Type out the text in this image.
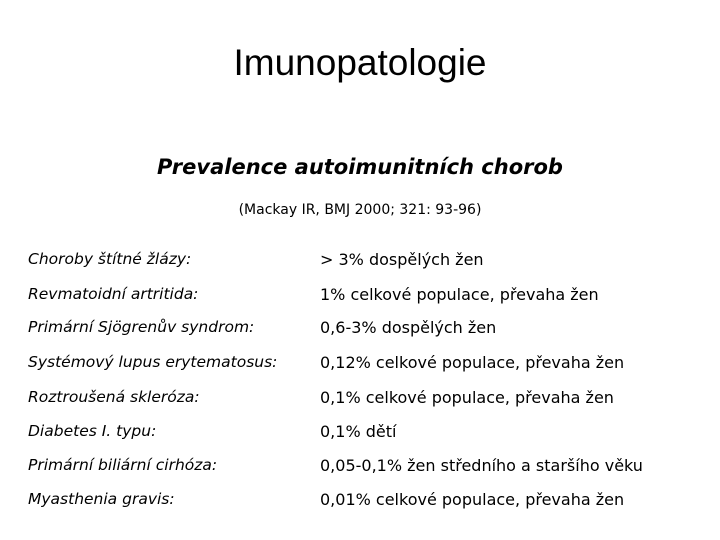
Imunopatologie
Prevalence autoimunitních chorob
(Mackay IR, BMJ 2000; 321: 93-96)
Choroby štítné žlázy:	> 3% dospělých žen
Revmatoidní artritida:	1% celkové populace, převaha žen
Primární Sjögrenův syndrom:	0,6-3% dospělých žen
Systémový lupus erytematosus:	0,12% celkové populace, převaha žen
Roztroušená skleróza:	0,1% celkové populace, převaha žen
Diabetes I. typu:	0,1% dětí
Primární biliární cirhóza:	0,05-0,1% žen středního a staršího věku
Myasthenia gravis:	0,01% celkové populace, převaha žen
